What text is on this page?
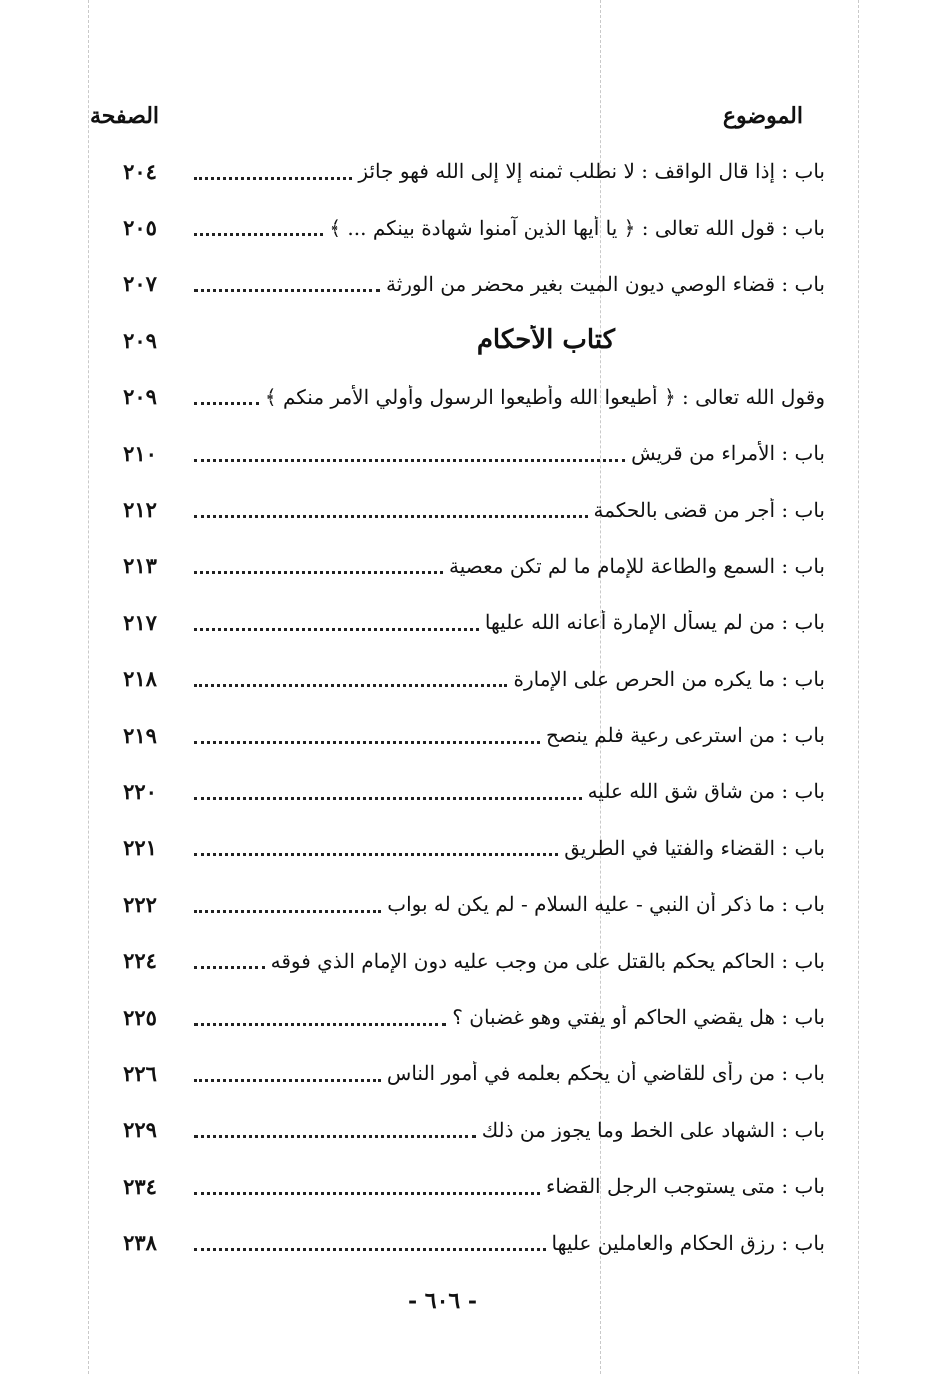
الصفحة	الموضوع
٢٠٤	باب : إذا قال الواقف : لا نطلب ثمنه إلا إلى الله فهو جائز
٢٠٥	باب : قول الله تعالى : ﴿ يا أيها الذين آمنوا شهادة بينكم ... ﴾
٢٠٧	باب : قضاء الوصي ديون الميت بغير محضر من الورثة
٢٠٩	كتاب الأحكام
٢٠٩	وقول الله تعالى : ﴿ أطيعوا الله وأطيعوا الرسول وأولي الأمر منكم ﴾
٢١٠	باب : الأمراء من قريش
٢١٢	باب : أجر من قضى بالحكمة
٢١٣	باب : السمع والطاعة للإمام ما لم تكن معصية
٢١٧	باب : من لم يسأل الإمارة أعانه الله عليها
٢١٨	باب : ما يكره من الحرص على الإمارة
٢١٩	باب : من استرعى رعية فلم ينصح
٢٢٠	باب : من شاق شق الله عليه
٢٢١	باب : القضاء والفتيا في الطريق
٢٢٢	باب : ما ذكر أن النبي - عليه السلام - لم يكن له بواب
٢٢٤	باب : الحاكم يحكم بالقتل على من وجب عليه دون الإمام الذي فوقه
٢٢٥	باب : هل يقضي الحاكم أو يفتي وهو غضبان ؟
٢٢٦	باب : من رأى للقاضي أن يحكم بعلمه في أمور الناس
٢٢٩	باب : الشهاد على الخط وما يجوز من ذلك
٢٣٤	باب : متى يستوجب الرجل القضاء
٢٣٨	باب : رزق الحكام والعاملين عليها
- ٦٠٦ -
